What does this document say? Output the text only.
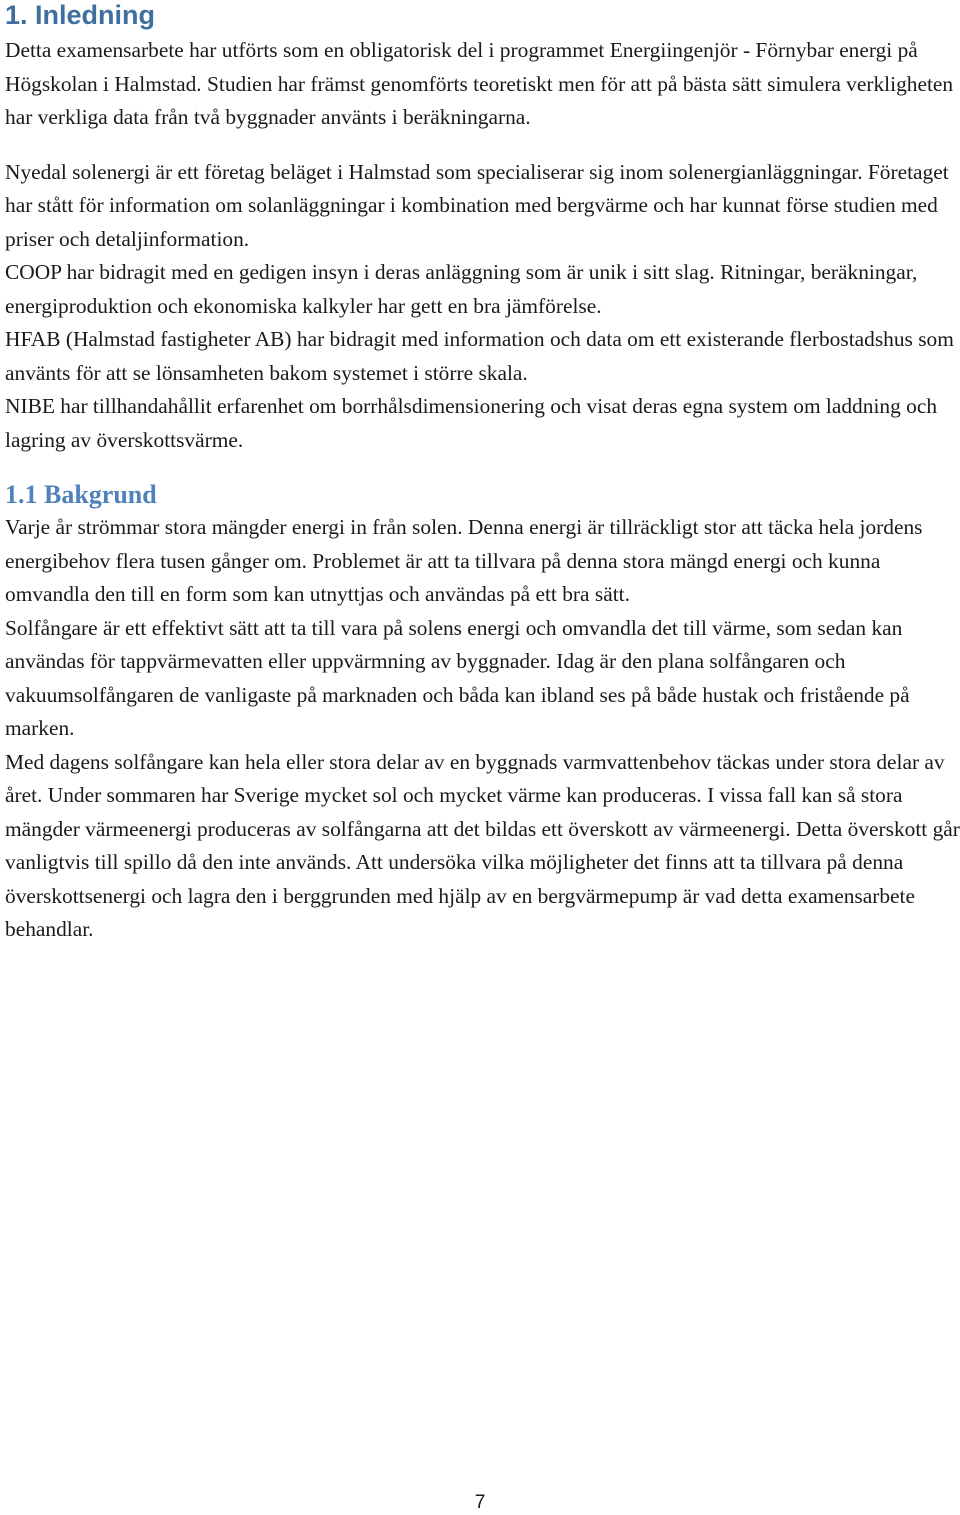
1. Inledning

Detta examensarbete har utförts som en obligatorisk del i programmet Energiingenjör - Förnybar energi på Högskolan i Halmstad. Studien har främst genomförts teoretiskt men för att på bästa sätt simulera verkligheten har verkliga data från två byggnader använts i beräkningarna.

Nyedal solenergi är ett företag beläget i Halmstad som specialiserar sig inom solenergianläggningar. Företaget har stått för information om solanläggningar i kombination med bergvärme och har kunnat förse studien med priser och detaljinformation.

COOP har bidragit med en gedigen insyn i deras anläggning som är unik i sitt slag. Ritningar, beräkningar, energiproduktion och ekonomiska kalkyler har gett en bra jämförelse.

HFAB (Halmstad fastigheter AB) har bidragit med information och data om ett existerande flerbostadshus som använts för att se lönsamheten bakom systemet i större skala.

NIBE har tillhandahållit erfarenhet om borrhålsdimensionering och visat deras egna system om laddning och lagring av överskottsvärme.

1.1 Bakgrund

Varje år strömmar stora mängder energi in från solen. Denna energi är tillräckligt stor att täcka hela jordens energibehov flera tusen gånger om. Problemet är att ta tillvara på denna stora mängd energi och kunna omvandla den till en form som kan utnyttjas och användas på ett bra sätt.

Solfångare är ett effektivt sätt att ta till vara på solens energi och omvandla det till värme, som sedan kan användas för tappvärmevatten eller uppvärmning av byggnader. Idag är den plana solfångaren och vakuumsolfångaren de vanligaste på marknaden och båda kan ibland ses på både hustak och fristående på marken.

Med dagens solfångare kan hela eller stora delar av en byggnads varmvattenbehov täckas under stora delar av året. Under sommaren har Sverige mycket sol och mycket värme kan produceras. I vissa fall kan så stora mängder värmeenergi produceras av solfångarna att det bildas ett överskott av värmeenergi. Detta överskott går vanligtvis till spillo då den inte används. Att undersöka vilka möjligheter det finns att ta tillvara på denna överskottsenergi och lagra den i berggrunden med hjälp av en bergvärmepump är vad detta examensarbete behandlar.

7
